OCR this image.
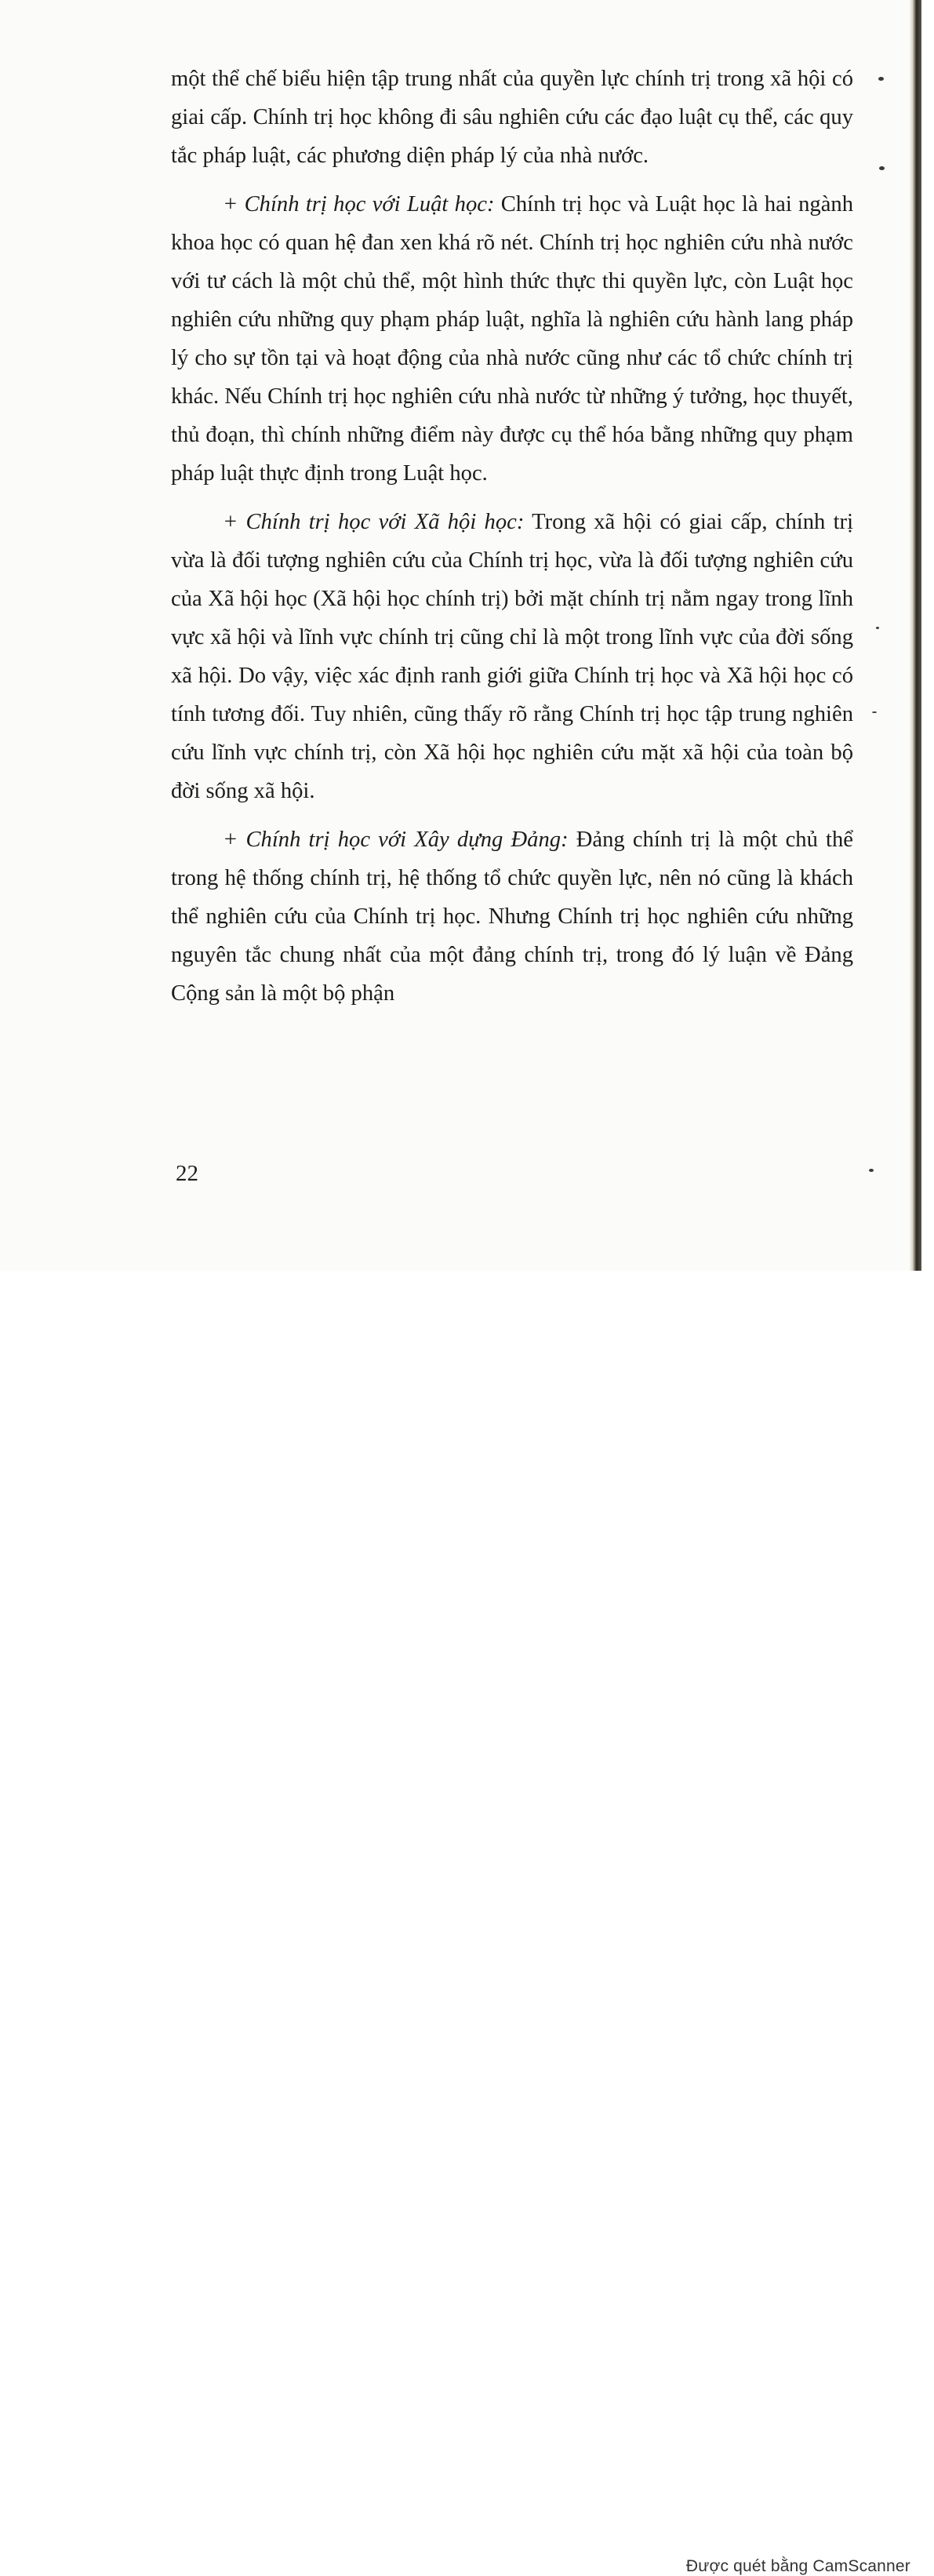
một thể chế biểu hiện tập trung nhất của quyền lực chính trị trong xã hội có giai cấp. Chính trị học không đi sâu nghiên cứu các đạo luật cụ thể, các quy tắc pháp luật, các phương diện pháp lý của nhà nước.

+ Chính trị học với Luật học: Chính trị học và Luật học là hai ngành khoa học có quan hệ đan xen khá rõ nét. Chính trị học nghiên cứu nhà nước với tư cách là một chủ thể, một hình thức thực thi quyền lực, còn Luật học nghiên cứu những quy phạm pháp luật, nghĩa là nghiên cứu hành lang pháp lý cho sự tồn tại và hoạt động của nhà nước cũng như các tổ chức chính trị khác. Nếu Chính trị học nghiên cứu nhà nước từ những ý tưởng, học thuyết, thủ đoạn, thì chính những điểm này được cụ thể hóa bằng những quy phạm pháp luật thực định trong Luật học.

+ Chính trị học với Xã hội học: Trong xã hội có giai cấp, chính trị vừa là đối tượng nghiên cứu của Chính trị học, vừa là đối tượng nghiên cứu của Xã hội học (Xã hội học chính trị) bởi mặt chính trị nằm ngay trong lĩnh vực xã hội và lĩnh vực chính trị cũng chỉ là một trong lĩnh vực của đời sống xã hội. Do vậy, việc xác định ranh giới giữa Chính trị học và Xã hội học có tính tương đối. Tuy nhiên, cũng thấy rõ rằng Chính trị học tập trung nghiên cứu lĩnh vực chính trị, còn Xã hội học nghiên cứu mặt xã hội của toàn bộ đời sống xã hội.

+ Chính trị học với Xây dựng Đảng: Đảng chính trị là một chủ thể trong hệ thống chính trị, hệ thống tổ chức quyền lực, nên nó cũng là khách thể nghiên cứu của Chính trị học. Nhưng Chính trị học nghiên cứu những nguyên tắc chung nhất của một đảng chính trị, trong đó lý luận về Đảng Cộng sản là một bộ phận

22
Được quét bằng CamScanner
